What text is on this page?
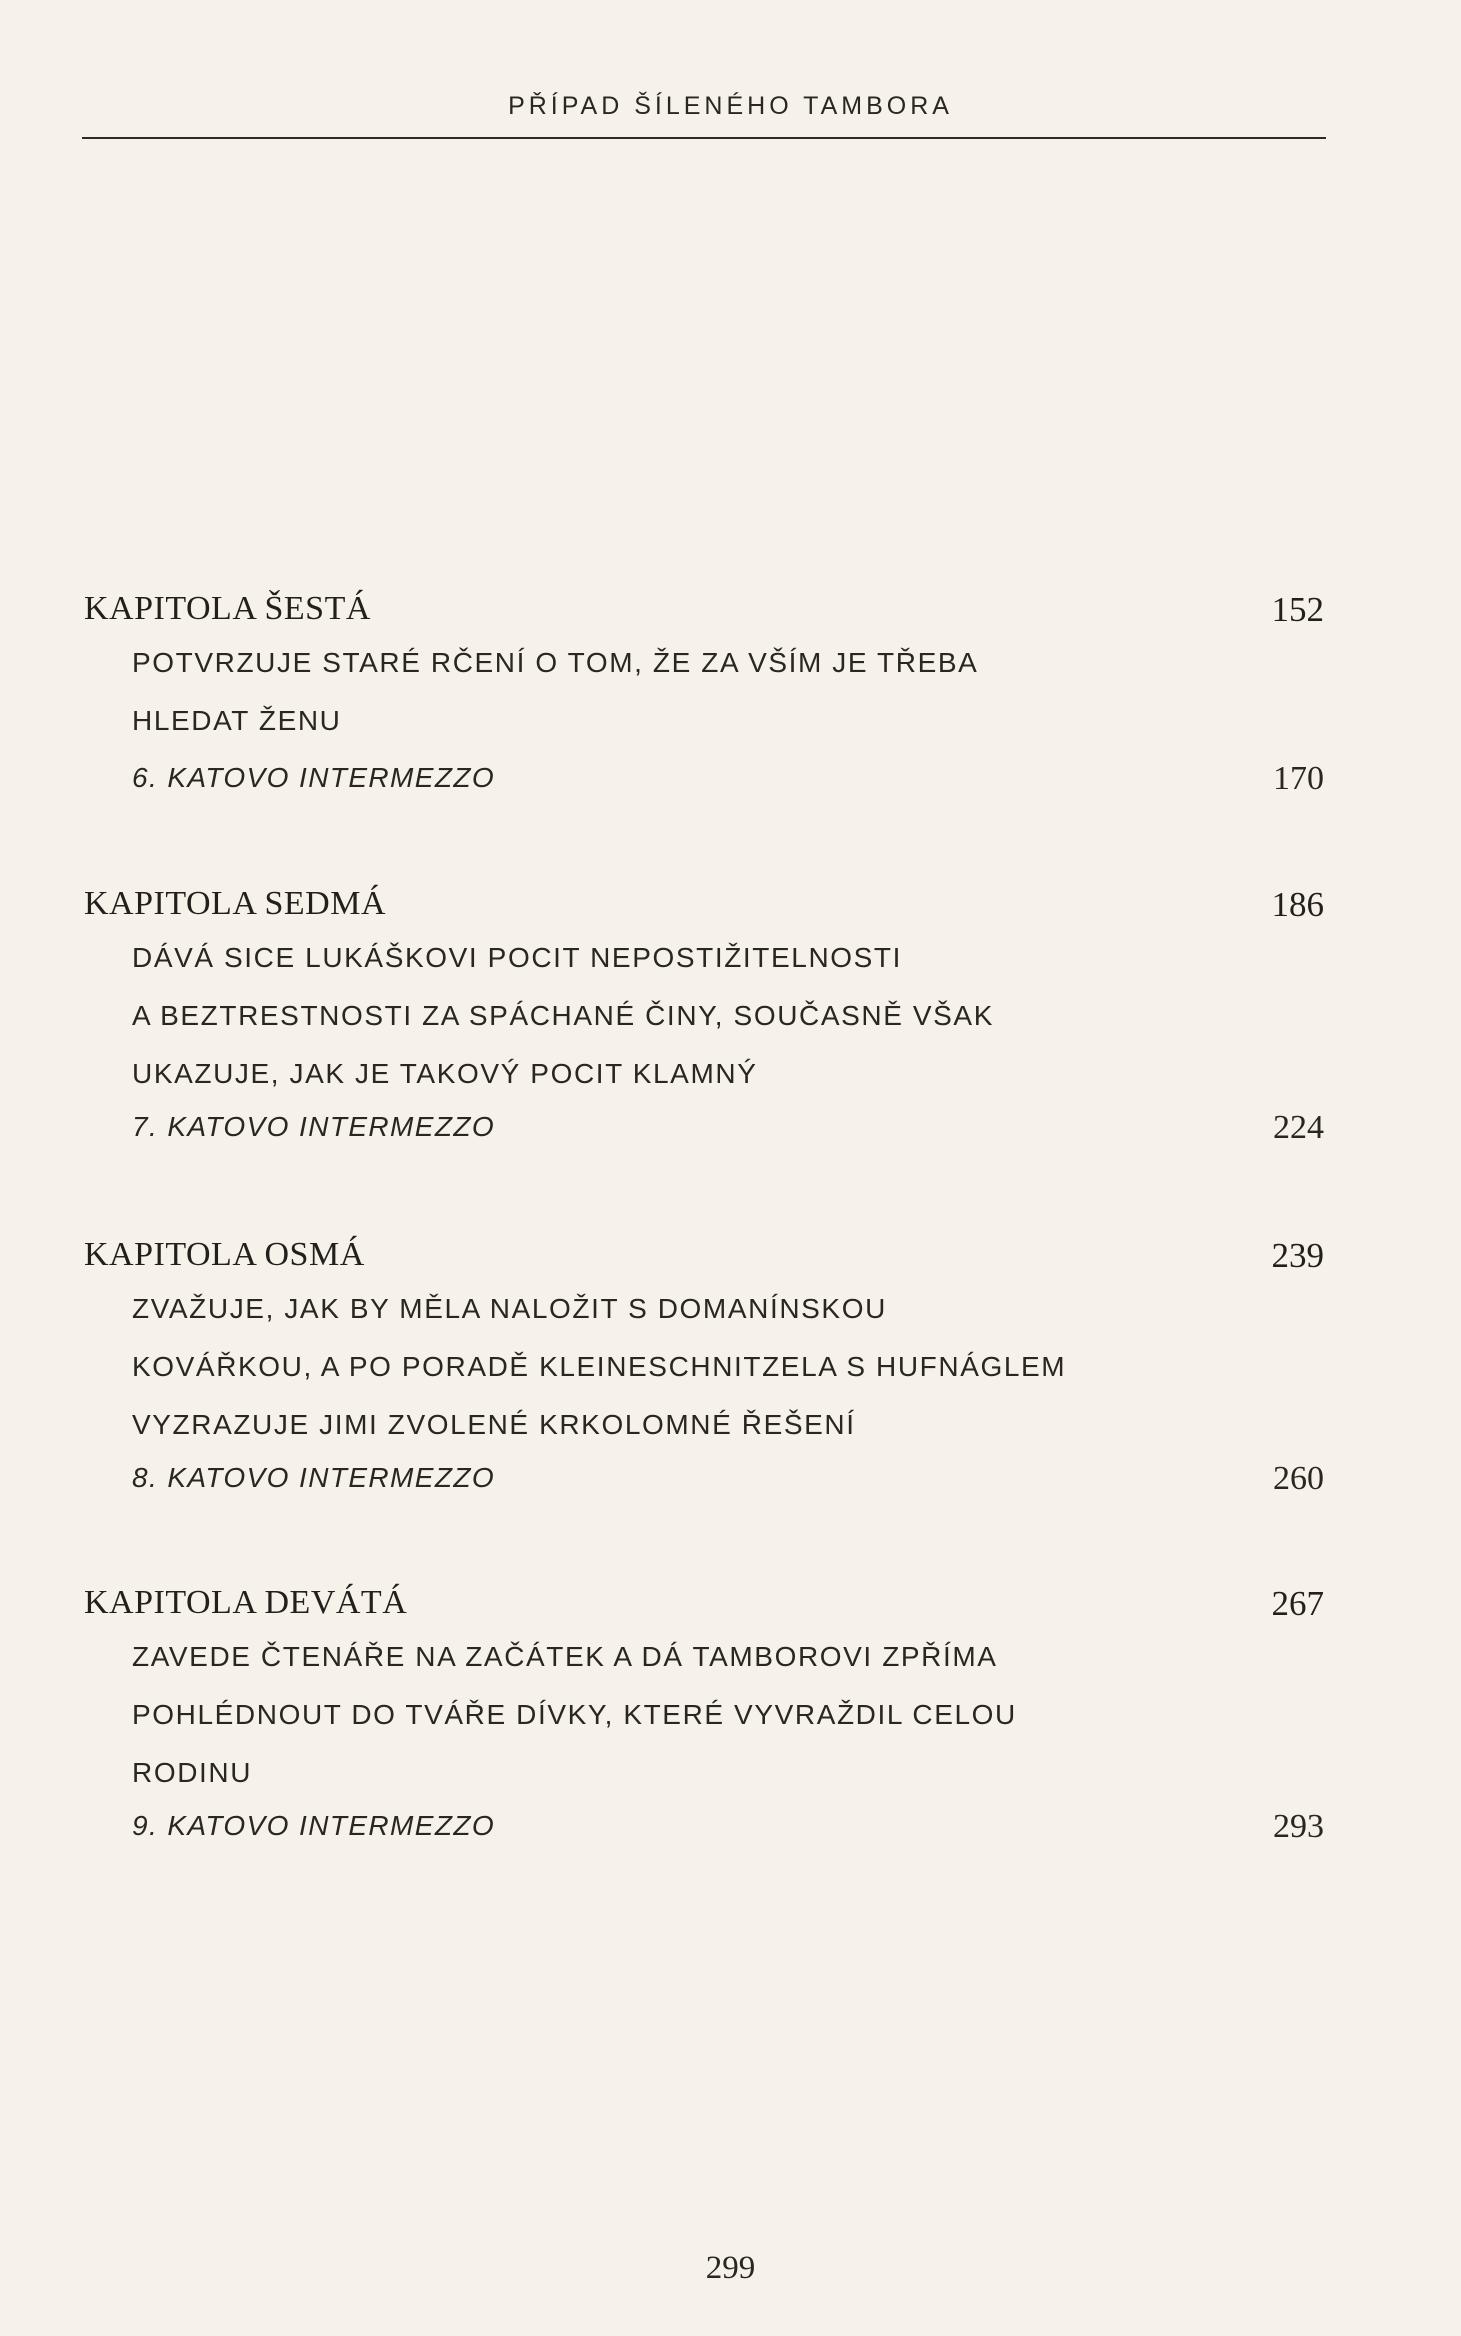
PŘÍPAD ŠÍLENÉHO TAMBORA
KAPITOLA ŠESTÁ	152
POTVRZUJE STARÉ RČENÍ O TOM, ŽE ZA VŠÍM JE TŘEBA
HLEDAT ŽENU
6. KATOVO INTERMEZZO	170
KAPITOLA SEDMÁ	186
DÁVÁ SICE LUKÁŠKOVI POCIT NEPOSTIŽITELNOSTI
A BEZTRESTNOSTI ZA SPÁCHANÉ ČINY, SOUČASNĚ VŠAK
UKAZUJE, JAK JE TAKOVÝ POCIT KLAMNÝ
7. KATOVO INTERMEZZO	224
KAPITOLA OSMÁ	239
ZVAŽUJE, JAK BY MĚLA NALOŽIT S DOMANÍNSKOU
KOVÁŘKOU, A PO PORADĚ KLEINESCHNITZELA S HUFNÁGLEM
VYZRAZUJE JIMI ZVOLENÉ KRKOLOMNÉ ŘEŠENÍ
8. KATOVO INTERMEZZO	260
KAPITOLA DEVÁTÁ	267
ZAVEDE ČTENÁŘE NA ZAČÁTEK A DÁ TAMBOROVI ZPŘÍMA
POHLÉDNOUT DO TVÁŘE DÍVKY, KTERÉ VYVRAŽDIL CELOU
RODINU
9. KATOVO INTERMEZZO	293
299
